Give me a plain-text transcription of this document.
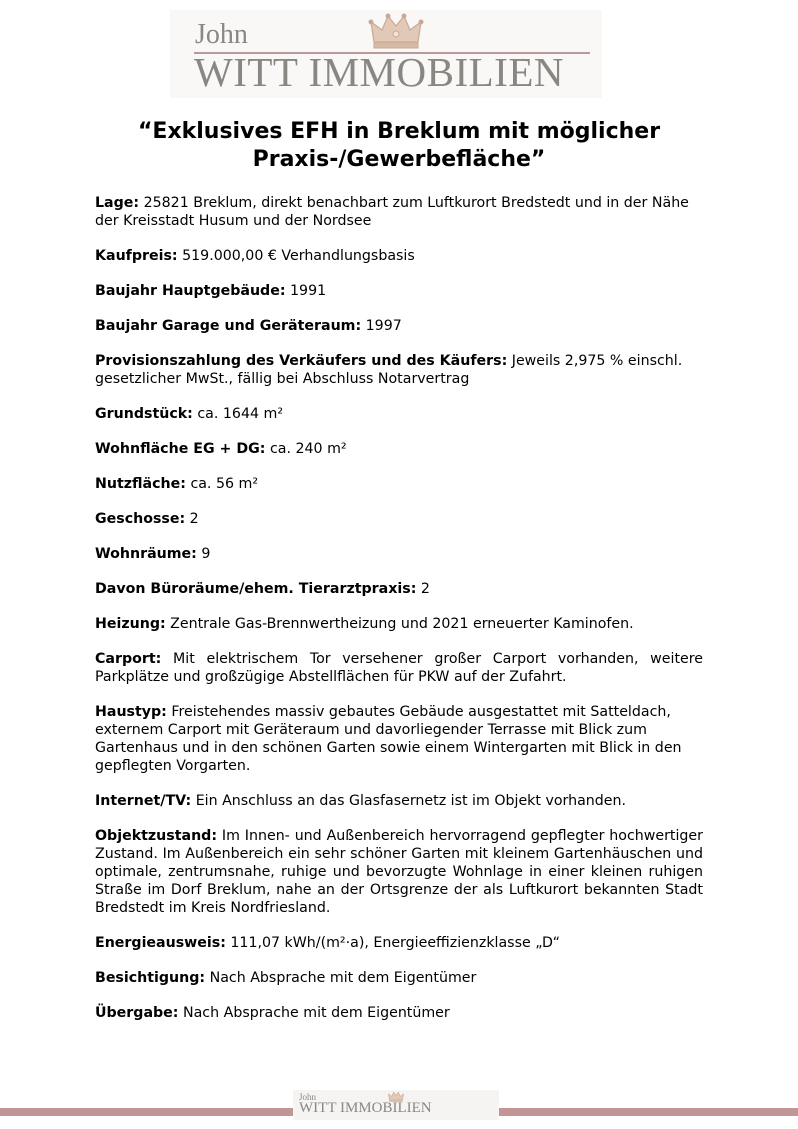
John
WITT IMMOBILIEN
“Exklusives EFH in Breklum mit möglicher Praxis-/Gewerbefläche”

Lage: 25821 Breklum, direkt benachbart zum Luftkurort Bredstedt und in der Nähe der Kreisstadt Husum und der Nordsee

Kaufpreis: 519.000,00 € Verhandlungsbasis

Baujahr Hauptgebäude: 1991

Baujahr Garage und Geräteraum: 1997

Provisionszahlung des Verkäufers und des Käufers: Jeweils 2,975 % einschl. gesetzlicher MwSt., fällig bei Abschluss Notarvertrag

Grundstück: ca. 1644 m²

Wohnfläche EG + DG: ca. 240 m²

Nutzfläche: ca. 56 m²

Geschosse: 2

Wohnräume: 9

Davon Büroräume/ehem. Tierarztpraxis: 2

Heizung: Zentrale Gas-Brennwertheizung und 2021 erneuerter Kaminofen.

Carport: Mit elektrischem Tor versehener großer Carport vorhanden, weitere Parkplätze und großzügige Abstellflächen für PKW auf der Zufahrt.

Haustyp: Freistehendes massiv gebautes Gebäude ausgestattet mit Satteldach, externem Carport mit Geräteraum und davorliegender Terrasse mit Blick zum Gartenhaus und in den schönen Garten sowie einem Wintergarten mit Blick in den gepflegten Vorgarten.

Internet/TV: Ein Anschluss an das Glasfasernetz ist im Objekt vorhanden.

Objektzustand: Im Innen- und Außenbereich hervorragend gepflegter hochwertiger Zustand. Im Außenbereich ein sehr schöner Garten mit kleinem Gartenhäuschen und optimale, zentrumsnahe, ruhige und bevorzugte Wohnlage in einer kleinen ruhigen Straße im Dorf Breklum, nahe an der Ortsgrenze der als Luftkurort bekannten Stadt Bredstedt im Kreis Nordfriesland.

Energieausweis: 111,07 kWh/(m²·a), Energieeffizienzklasse „D“

Besichtigung: Nach Absprache mit dem Eigentümer

Übergabe: Nach Absprache mit dem Eigentümer

John
WITT IMMOBILIEN
